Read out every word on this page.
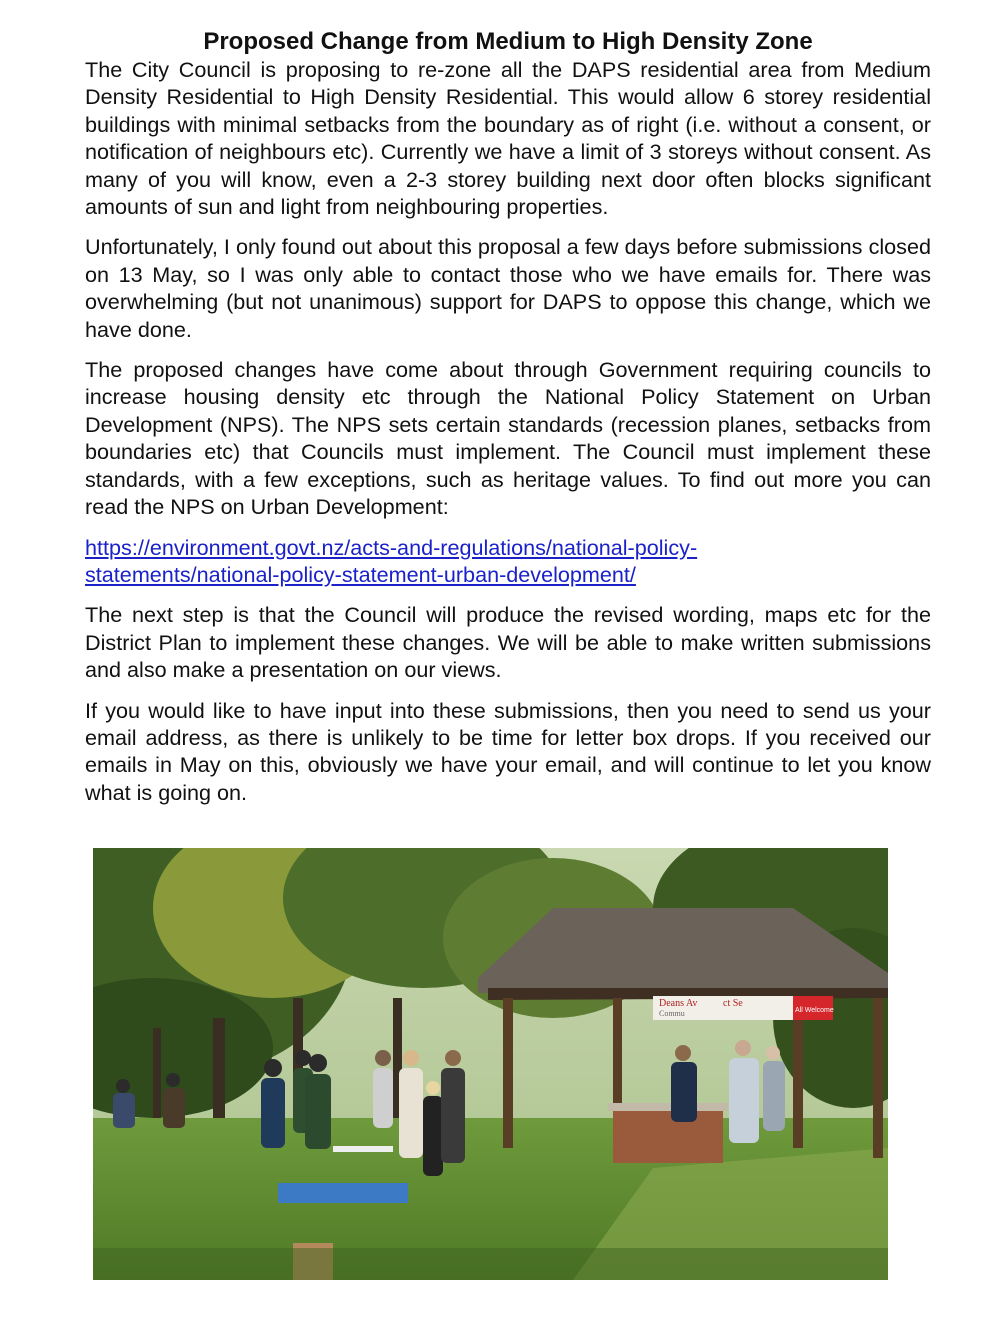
Proposed Change from Medium to High Density Zone

The City Council is proposing to re-zone all the DAPS residential area from Medium Density Residential to High Density Residential. This would allow 6 storey residential buildings with minimal setbacks from the boundary as of right (i.e. without a consent, or notification of neighbours etc). Currently we have a limit of 3 storeys without consent. As many of you will know, even a 2-3 storey building next door often blocks significant amounts of sun and light from neighbouring properties.

Unfortunately, I only found out about this proposal a few days before submissions closed on 13 May, so I was only able to contact those who we have emails for. There was overwhelming (but not unanimous) support for DAPS to oppose this change, which we have done.

The proposed changes have come about through Government requiring councils to increase housing density etc through the National Policy Statement on Urban Development (NPS). The NPS sets certain standards (recession planes, setbacks from boundaries etc) that Councils must implement. The Council must implement these standards, with a few exceptions, such as heritage values. To find out more you can read the NPS on Urban Development:

https://environment.govt.nz/acts-and-regulations/national-policy-
statements/national-policy-statement-urban-development/

The next step is that the Council will produce the revised wording, maps etc for the District Plan to implement these changes. We will be able to make written submissions and also make a presentation on our views.

If you would like to have input into these submissions, then you need to send us your email address, as there is unlikely to be time for letter box drops. If you received our emails in May on this, obviously we have your email, and will continue to let you know what is going on.

Deans Av	ct Se
Commu	All Welcome
